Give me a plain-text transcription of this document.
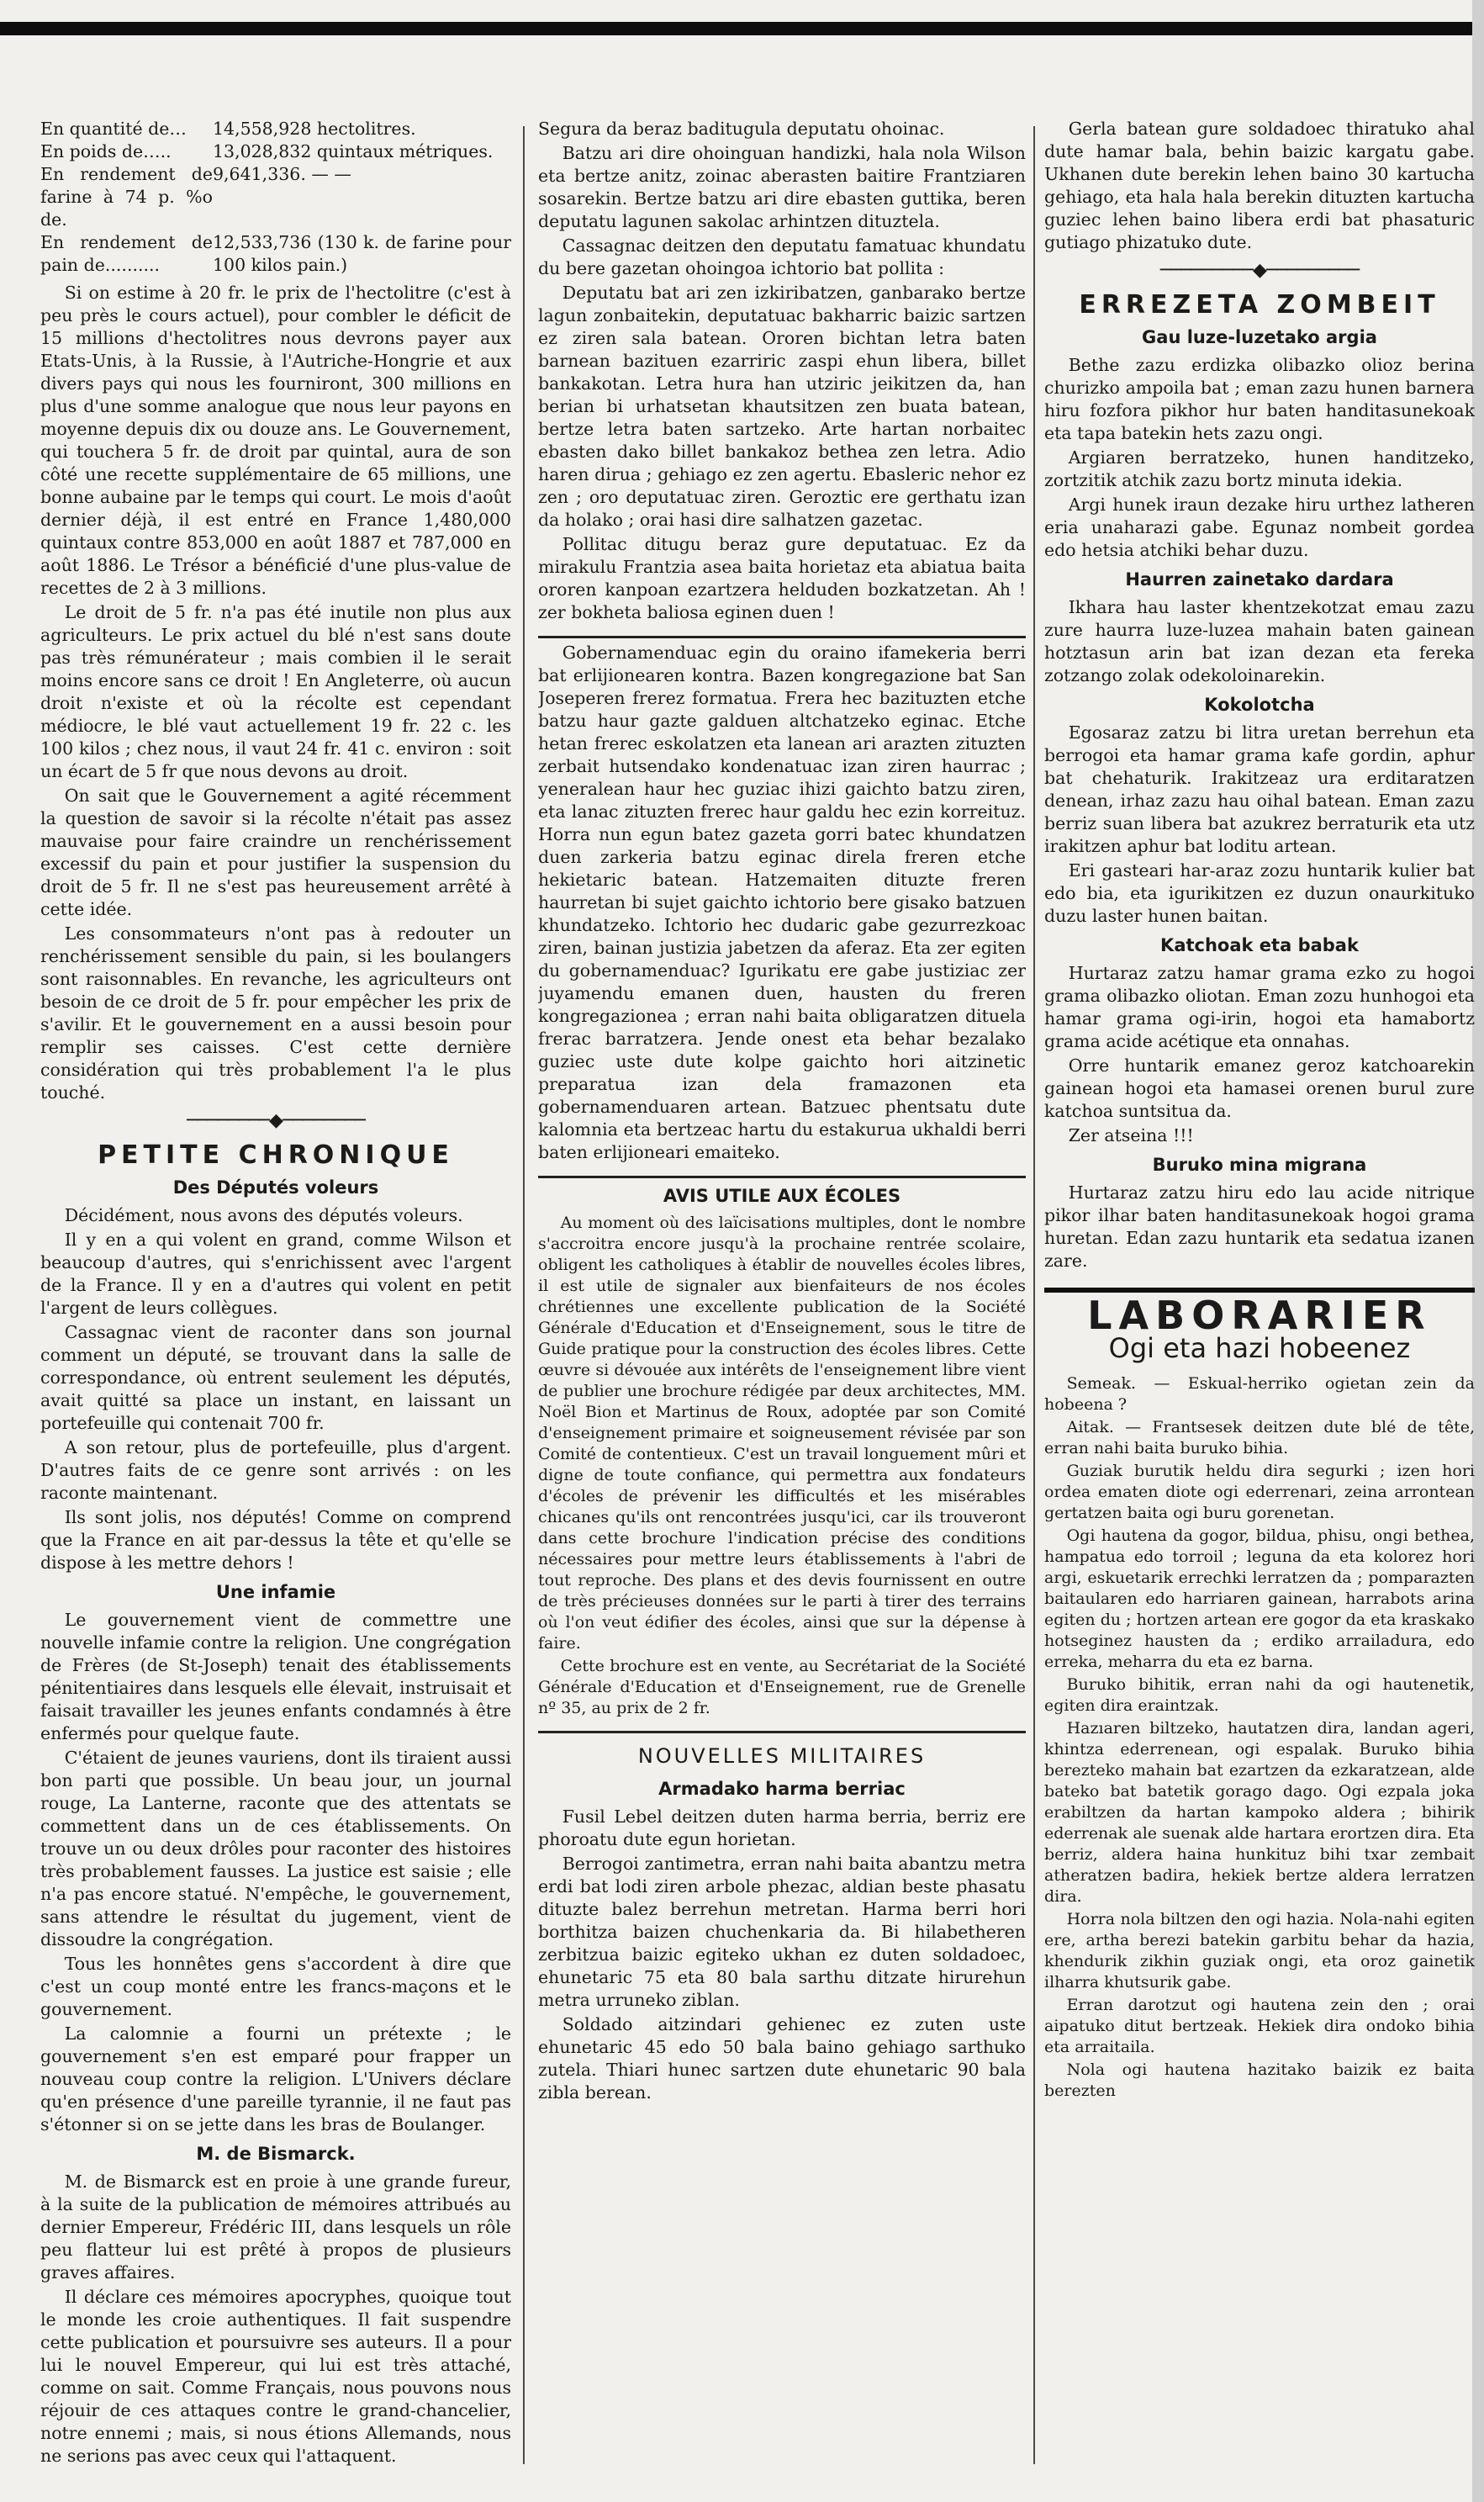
En quantité de…	14,558,928 hectolitres.
En poids de…..	13,028,832 quintaux métriques.
En rendement de farine à 74 p. %o de.
9,641,336. — —
En rendement de pain de..........
12,533,736 (130 k. de farine pour 100 kilos pain.)

Si on estime à 20 fr. le prix de l'hectolitre (c'est à peu près le cours actuel), pour combler le déficit de 15 millions d'hectolitres nous devrons payer aux Etats-Unis, à la Russie, à l'Autriche-Hongrie et aux divers pays qui nous les fourniront, 300 millions en plus d'une somme analogue que nous leur payons en moyenne depuis dix ou douze ans. Le Gouvernement, qui touchera 5 fr. de droit par quintal, aura de son côté une recette supplémentaire de 65 millions, une bonne aubaine par le temps qui court. Le mois d'août dernier déjà, il est entré en France 1,480,000 quintaux contre 853,000 en août 1887 et 787,000 en août 1886. Le Trésor a bénéficié d'une plus-value de recettes de 2 à 3 millions.

Le droit de 5 fr. n'a pas été inutile non plus aux agriculteurs. Le prix actuel du blé n'est sans doute pas très rémunérateur ; mais combien il le serait moins encore sans ce droit ! En Angleterre, où aucun droit n'existe et où la récolte est cependant médiocre, le blé vaut actuellement 19 fr. 22 c. les 100 kilos ; chez nous, il vaut 24 fr. 41 c. environ : soit un écart de 5 fr que nous devons au droit.

On sait que le Gouvernement a agité récemment la question de savoir si la récolte n'était pas assez mauvaise pour faire craindre un renchérissement excessif du pain et pour justifier la suspension du droit de 5 fr. Il ne s'est pas heureusement arrêté à cette idée.

Les consommateurs n'ont pas à redouter un renchérissement sensible du pain, si les boulangers sont raisonnables. En revanche, les agriculteurs ont besoin de ce droit de 5 fr. pour empêcher les prix de s'avilir. Et le gouvernement en a aussi besoin pour remplir ses caisses. C'est cette dernière considération qui très probablement l'a le plus touché.

────────◆────────
PETITE CHRONIQUE
Des Députés voleurs

Décidément, nous avons des députés voleurs.

Il y en a qui volent en grand, comme Wilson et beaucoup d'autres, qui s'enrichissent avec l'argent de la France. Il y en a d'autres qui volent en petit l'argent de leurs collègues.

Cassagnac vient de raconter dans son journal comment un député, se trouvant dans la salle de correspondance, où entrent seulement les députés, avait quitté sa place un instant, en laissant un portefeuille qui contenait 700 fr.

A son retour, plus de portefeuille, plus d'argent. D'autres faits de ce genre sont arrivés : on les raconte maintenant.

Ils sont jolis, nos députés! Comme on comprend que la France en ait par-dessus la tête et qu'elle se dispose à les mettre dehors !

Une infamie

Le gouvernement vient de commettre une nouvelle infamie contre la religion. Une congrégation de Frères (de St-Joseph) tenait des établissements pénitentiaires dans lesquels elle élevait, instruisait et faisait travailler les jeunes enfants condamnés à être enfermés pour quelque faute.

C'étaient de jeunes vauriens, dont ils tiraient aussi bon parti que possible. Un beau jour, un journal rouge, La Lanterne, raconte que des attentats se commettent dans un de ces établissements. On trouve un ou deux drôles pour raconter des histoires très probablement fausses. La justice est saisie ; elle n'a pas encore statué. N'empêche, le gouvernement, sans attendre le résultat du jugement, vient de dissoudre la congrégation.

Tous les honnêtes gens s'accordent à dire que c'est un coup monté entre les francs-maçons et le gouvernement.

La calomnie a fourni un prétexte ; le gouvernement s'en est emparé pour frapper un nouveau coup contre la religion. L'Univers déclare qu'en présence d'une pareille tyrannie, il ne faut pas s'étonner si on se jette dans les bras de Boulanger.

M. de Bismarck.

M. de Bismarck est en proie à une grande fureur, à la suite de la publication de mémoires attribués au dernier Empereur, Frédéric III, dans lesquels un rôle peu flatteur lui est prêté à propos de plusieurs graves affaires.

Il déclare ces mémoires apocryphes, quoique tout le monde les croie authentiques. Il fait suspendre cette publication et poursuivre ses auteurs. Il a pour lui le nouvel Empereur, qui lui est très attaché, comme on sait. Comme Français, nous pouvons nous réjouir de ces attaques contre le grand-chancelier, notre ennemi ; mais, si nous étions Allemands, nous ne serions pas avec ceux qui l'attaquent.

Segura da beraz baditugula deputatu ohoinac.

Batzu ari dire ohoinguan handizki, hala nola Wilson eta bertze anitz, zoinac aberasten baitire Frantziaren sosarekin. Bertze batzu ari dire ebasten guttika, beren deputatu lagunen sakolac arhintzen dituztela.

Cassagnac deitzen den deputatu famatuac khundatu du bere gazetan ohoingoa ichtorio bat pollita :

Deputatu bat ari zen izkiribatzen, ganbarako bertze lagun zonbaitekin, deputatuac bakharric baizic sartzen ez ziren sala batean. Ororen bichtan letra baten barnean bazituen ezarriric zaspi ehun libera, billet bankakotan. Letra hura han utziric jeikitzen da, han berian bi urhatsetan khautsitzen zen buata batean, bertze letra baten sartzeko. Arte hartan norbaitec ebasten dako billet bankakoz bethea zen letra. Adio haren dirua ; gehiago ez zen agertu. Ebasleric nehor ez zen ; oro deputatuac ziren. Geroztic ere gerthatu izan da holako ; orai hasi dire salhatzen gazetac.

Pollitac ditugu beraz gure deputatuac. Ez da mirakulu Frantzia asea baita horietaz eta abiatua baita ororen kanpoan ezartzera helduden bozkatzetan. Ah ! zer bokheta baliosa eginen duen !

Gobernamenduac egin du oraino ifamekeria berri bat erlijionearen kontra. Bazen kongregazione bat San Joseperen frerez formatua. Frera hec bazituzten etche batzu haur gazte galduen altchatzeko eginac. Etche hetan frerec eskolatzen eta lanean ari arazten zituzten zerbait hutsendako kondenatuac izan ziren haurrac ; yeneralean haur hec guziac ihizi gaichto batzu ziren, eta lanac zituzten frerec haur galdu hec ezin korreituz. Horra nun egun batez gazeta gorri batec khundatzen duen zarkeria batzu eginac direla freren etche hekietaric batean. Hatzemaiten dituzte freren haurretan bi sujet gaichto ichtorio bere gisako batzuen khundatzeko. Ichtorio hec dudaric gabe gezurrezkoac ziren, bainan justizia jabetzen da aferaz. Eta zer egiten du gobernamenduac? Igurikatu ere gabe justiziac zer juyamendu emanen duen, hausten du freren kongregazionea ; erran nahi baita obligaratzen dituela frerac barratzera. Jende onest eta behar bezalako guziec uste dute kolpe gaichto hori aitzinetic preparatua izan dela framazonen eta gobernamenduaren artean. Batzuec phentsatu dute kalomnia eta bertzeac hartu du estakurua ukhaldi berri baten erlijioneari emaiteko.

AVIS UTILE AUX ÉCOLES

Au moment où des laïcisations multiples, dont le nombre s'accroitra encore jusqu'à la prochaine rentrée scolaire, obligent les catholiques à établir de nouvelles écoles libres, il est utile de signaler aux bienfaiteurs de nos écoles chrétiennes une excellente publication de la Société Générale d'Education et d'Enseignement, sous le titre de Guide pratique pour la construction des écoles libres. Cette œuvre si dévouée aux intérêts de l'enseignement libre vient de publier une brochure rédigée par deux architectes, MM. Noël Bion et Martinus de Roux, adoptée par son Comité d'enseignement primaire et soigneusement révisée par son Comité de contentieux. C'est un travail longuement mûri et digne de toute confiance, qui permettra aux fondateurs d'écoles de prévenir les difficultés et les misérables chicanes qu'ils ont rencontrées jusqu'ici, car ils trouveront dans cette brochure l'indication précise des conditions nécessaires pour mettre leurs établissements à l'abri de tout reproche. Des plans et des devis fournissent en outre de très précieuses données sur le parti à tirer des terrains où l'on veut édifier des écoles, ainsi que sur la dépense à faire.

Cette brochure est en vente, au Secrétariat de la Société Générale d'Education et d'Enseignement, rue de Grenelle nº 35, au prix de 2 fr.

NOUVELLES MILITAIRES
Armadako harma berriac

Fusil Lebel deitzen duten harma berria, berriz ere phoroatu dute egun horietan.

Berrogoi zantimetra, erran nahi baita abantzu metra erdi bat lodi ziren arbole phezac, aldian beste phasatu dituzte balez berrehun metretan. Harma berri hori borthitza baizen chuchenkaria da. Bi hilabetheren zerbitzua baizic egiteko ukhan ez duten soldadoec, ehunetaric 75 eta 80 bala sarthu ditzate hirurehun metra urruneko ziblan.

Soldado aitzindari gehienec ez zuten uste ehunetaric 45 edo 50 bala baino gehiago sarthuko zutela. Thiari hunec sartzen dute ehunetaric 90 bala zibla berean.

Gerla batean gure soldadoec thiratuko ahal dute hamar bala, behin baizic kargatu gabe. Ukhanen dute berekin lehen baino 30 kartucha gehiago, eta hala hala berekin dituzten kartucha guziec lehen baino libera erdi bat phasaturic gutiago phizatuko dute.

─────────◆─────────
ERREZETA ZOMBEIT
Gau luze-luzetako argia

Bethe zazu erdizka olibazko olioz berina churizko ampoila bat ; eman zazu hunen barnera hiru fozfora pikhor hur baten handitasunekoak eta tapa batekin hets zazu ongi.

Argiaren berratzeko, hunen handitzeko, zortzitik atchik zazu bortz minuta idekia.

Argi hunek iraun dezake hiru urthez latheren eria unaharazi gabe. Egunaz nombeit gordea edo hetsia atchiki behar duzu.

Haurren zainetako dardara

Ikhara hau laster khentzekotzat emau zazu zure haurra luze-luzea mahain baten gainean hotztasun arin bat izan dezan eta fereka zotzango zolak odekoloinarekin.

Kokolotcha

Egosaraz zatzu bi litra uretan berrehun eta berrogoi eta hamar grama kafe gordin, aphur bat chehaturik. Irakitzeaz ura erditaratzen denean, irhaz zazu hau oihal batean. Eman zazu berriz suan libera bat azukrez berraturik eta utz irakitzen aphur bat loditu artean.

Eri gasteari har-araz zozu huntarik kulier bat edo bia, eta igurikitzen ez duzun onaurkituko duzu laster hunen baitan.

Katchoak eta babak

Hurtaraz zatzu hamar grama ezko zu hogoi grama olibazko oliotan. Eman zozu hunhogoi eta hamar grama ogi-irin, hogoi eta hamabortz grama acide acétique eta onnahas.

Orre huntarik emanez geroz katchoarekin gainean hogoi eta hamasei orenen burul zure katchoa suntsitua da.

Zer atseina !!!

Buruko mina migrana

Hurtaraz zatzu hiru edo lau acide nitrique pikor ilhar baten handitasunekoak hogoi grama huretan. Edan zazu huntarik eta sedatua izanen zare.

LABORARIER
Ogi eta hazi hobeenez

Semeak. — Eskual-herriko ogietan zein da hobeena ?

Aitak. — Frantsesek deitzen dute blé de tête, erran nahi baita buruko bihia.

Guziak burutik heldu dira segurki ; izen hori ordea ematen diote ogi ederrenari, zeina arrontean gertatzen baita ogi buru gorenetan.

Ogi hautena da gogor, bilduа, phisu, ongi bethea, hampatua edo torroil ; leguna da eta kolorez hori argi, eskuetarik errechki lerratzen da ; pomparazten baitaularen edo harriaren gainean, harrabots arina egiten du ; hortzen artean ere gogor da eta kraskako hotseginez hausten da ; erdiko arrailadura, edo erreka, meharra du eta ez barna.

Buruko bihitik, erran nahi da ogi hautenetik, egiten dira eraintzak.

Hazıaren biltzeko, hautatzen dira, landan ageri, khintza ederrenean, ogi espalak. Buruko bihia berezteko mahain bat ezartzen da ezkaratzean, alde bateko bat batetik gorago dago. Ogi ezpala joka erabiltzen da hartan kampoko aldera ; bihirik ederrenak ale suenak alde hartara erortzen dira. Eta berriz, aldera haina hunkituz bihi txar zembait atheratzen badira, hekiek bertze aldera lerratzen dira.

Horra nola biltzen den ogi hazia. Nola-nahi egiten ere, artha berezi batekin garbitu behar da hazia, khendurik zikhin guziak ongi, eta oroz gainetik ilharra khutsurik gabe.

Erran darotzut ogi hautena zein den ; orai aipatuko ditut bertzeak. Hekiek dira ondoko bihia eta arraitaila.

Nola ogi hautena hazitako baizik ez baita berezten
